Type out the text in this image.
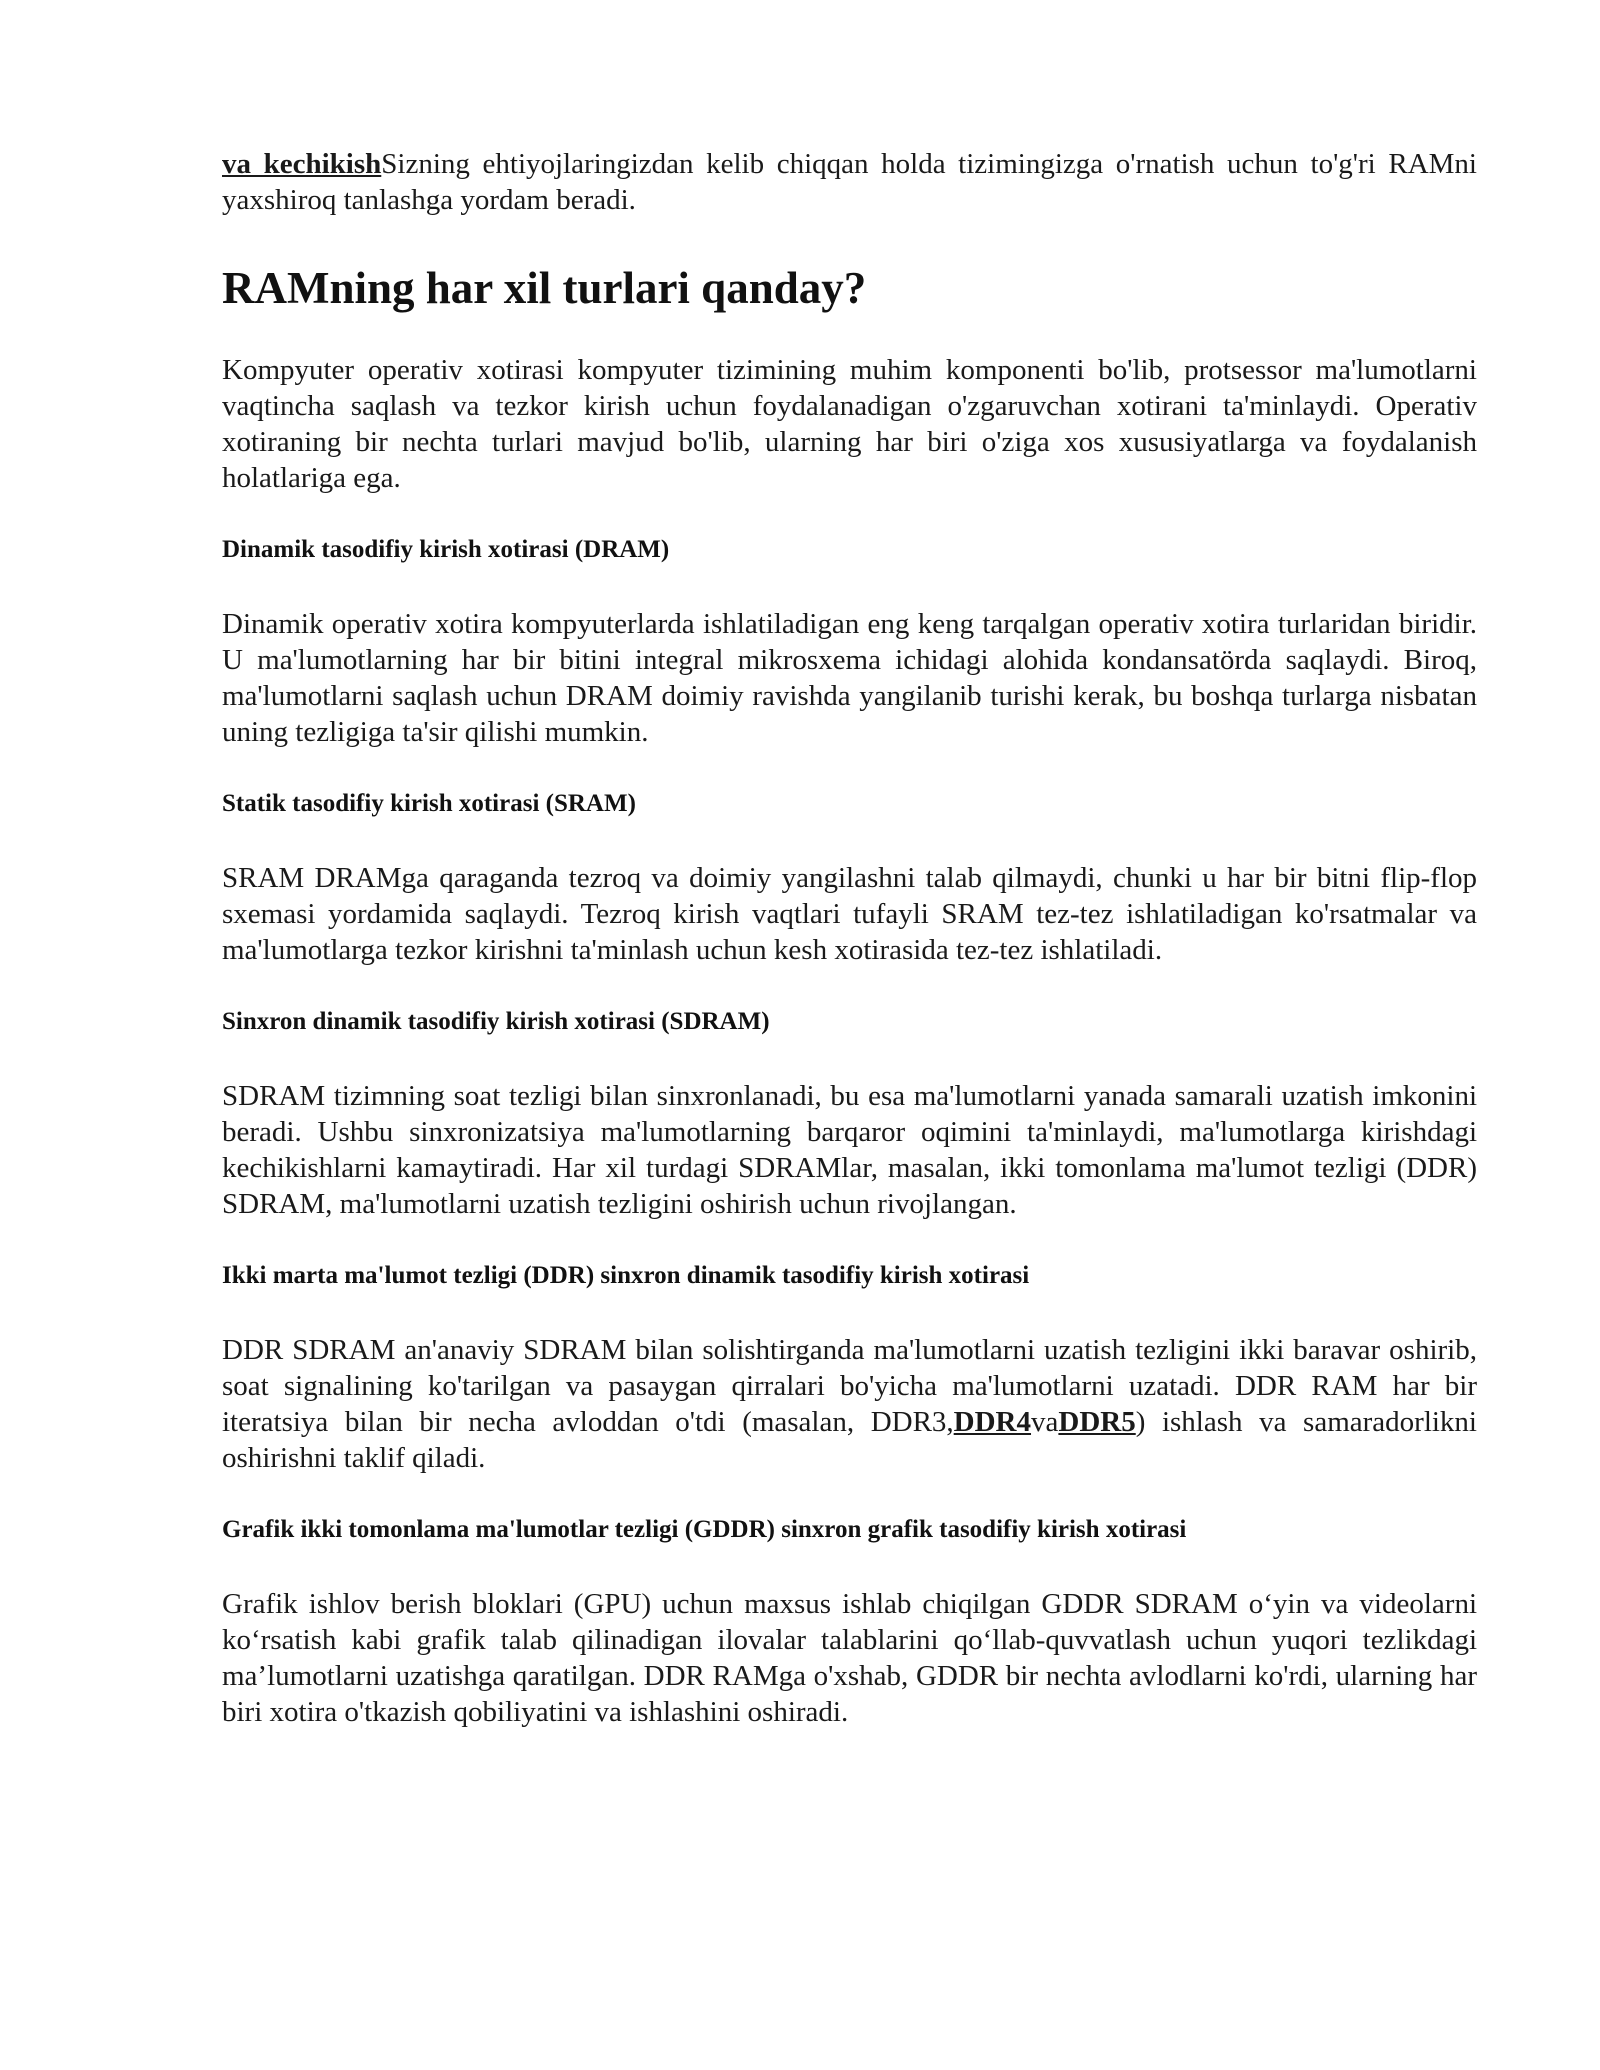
va kechikishSizning ehtiyojlaringizdan kelib chiqqan holda tizimingizga o'rnatish uchun to'g'ri RAMni yaxshiroq tanlashga yordam beradi.

RAMning har xil turlari qanday?

Kompyuter operativ xotirasi kompyuter tizimining muhim komponenti bo'lib, protsessor ma'lumotlarni vaqtincha saqlash va tezkor kirish uchun foydalanadigan o'zgaruvchan xotirani ta'minlaydi. Operativ xotiraning bir nechta turlari mavjud bo'lib, ularning har biri o'ziga xos xususiyatlarga va foydalanish holatlariga ega.

Dinamik tasodifiy kirish xotirasi (DRAM)

Dinamik operativ xotira kompyuterlarda ishlatiladigan eng keng tarqalgan operativ xotira turlaridan biridir. U ma'lumotlarning har bir bitini integral mikrosxema ichidagi alohida kondansatörda saqlaydi. Biroq, ma'lumotlarni saqlash uchun DRAM doimiy ravishda yangilanib turishi kerak, bu boshqa turlarga nisbatan uning tezligiga ta'sir qilishi mumkin.

Statik tasodifiy kirish xotirasi (SRAM)

SRAM DRAMga qaraganda tezroq va doimiy yangilashni talab qilmaydi, chunki u har bir bitni flip-flop sxemasi yordamida saqlaydi. Tezroq kirish vaqtlari tufayli SRAM tez-tez ishlatiladigan ko'rsatmalar va ma'lumotlarga tezkor kirishni ta'minlash uchun kesh xotirasida tez-tez ishlatiladi.

Sinxron dinamik tasodifiy kirish xotirasi (SDRAM)

SDRAM tizimning soat tezligi bilan sinxronlanadi, bu esa ma'lumotlarni yanada samarali uzatish imkonini beradi. Ushbu sinxronizatsiya ma'lumotlarning barqaror oqimini ta'minlaydi, ma'lumotlarga kirishdagi kechikishlarni kamaytiradi. Har xil turdagi SDRAMlar, masalan, ikki tomonlama ma'lumot tezligi (DDR) SDRAM, ma'lumotlarni uzatish tezligini oshirish uchun rivojlangan.

Ikki marta ma'lumot tezligi (DDR) sinxron dinamik tasodifiy kirish xotirasi

DDR SDRAM an'anaviy SDRAM bilan solishtirganda ma'lumotlarni uzatish tezligini ikki baravar oshirib, soat signalining ko'tarilgan va pasaygan qirralari bo'yicha ma'lumotlarni uzatadi. DDR RAM har bir iteratsiya bilan bir necha avloddan o'tdi (masalan, DDR3,DDR4vaDDR5) ishlash va samaradorlikni oshirishni taklif qiladi.

Grafik ikki tomonlama ma'lumotlar tezligi (GDDR) sinxron grafik tasodifiy kirish xotirasi

Grafik ishlov berish bloklari (GPU) uchun maxsus ishlab chiqilgan GDDR SDRAM o‘yin va videolarni ko‘rsatish kabi grafik talab qilinadigan ilovalar talablarini qo‘llab-quvvatlash uchun yuqori tezlikdagi ma’lumotlarni uzatishga qaratilgan. DDR RAMga o'xshab, GDDR bir nechta avlodlarni ko'rdi, ularning har biri xotira o'tkazish qobiliyatini va ishlashini oshiradi.
